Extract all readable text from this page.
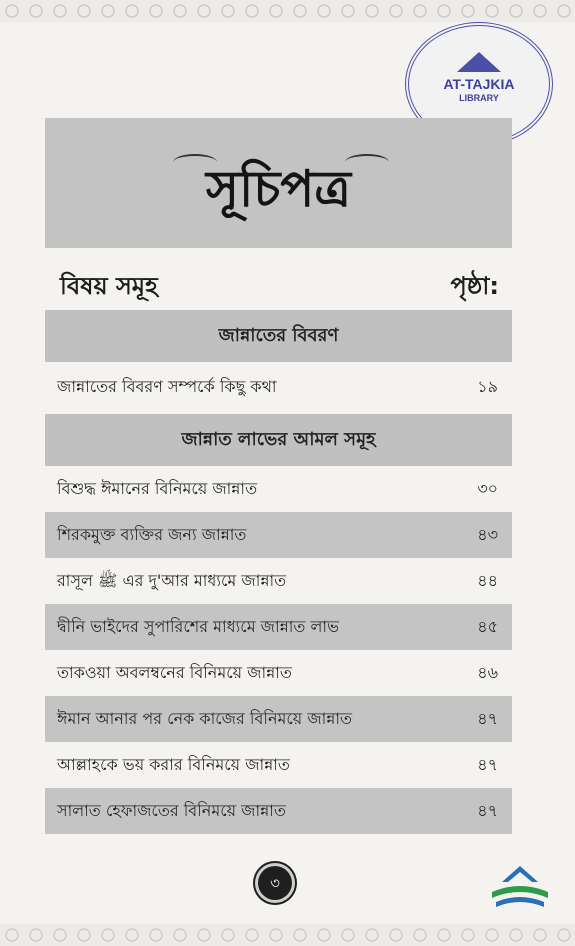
AT-TAJKIA
LIBRARY
সূচিপত্র
বিষয় সমূহ	পৃষ্ঠা:
জান্নাতের বিবরণ
জান্নাতের বিবরণ সম্পর্কে কিছু কথা	১৯
জান্নাত লাভের আমল সমূহ
বিশুদ্ধ ঈমানের বিনিময়ে জান্নাত	৩০
শিরকমুক্ত ব্যক্তির জন্য জান্নাত	৪৩
রাসূল ﷺ এর দু'আর মাধ্যমে জান্নাত	৪৪
দ্বীনি ভাইদের সুপারিশের মাধ্যমে জান্নাত লাভ	৪৫
তাকওয়া অবলম্বনের বিনিময়ে জান্নাত	৪৬
ঈমান আনার পর নেক কাজের বিনিময়ে জান্নাত	৪৭
আল্লাহকে ভয় করার বিনিময়ে জান্নাত	৪৭
সালাত হেফাজতের বিনিময়ে জান্নাত	৪৭
৩
